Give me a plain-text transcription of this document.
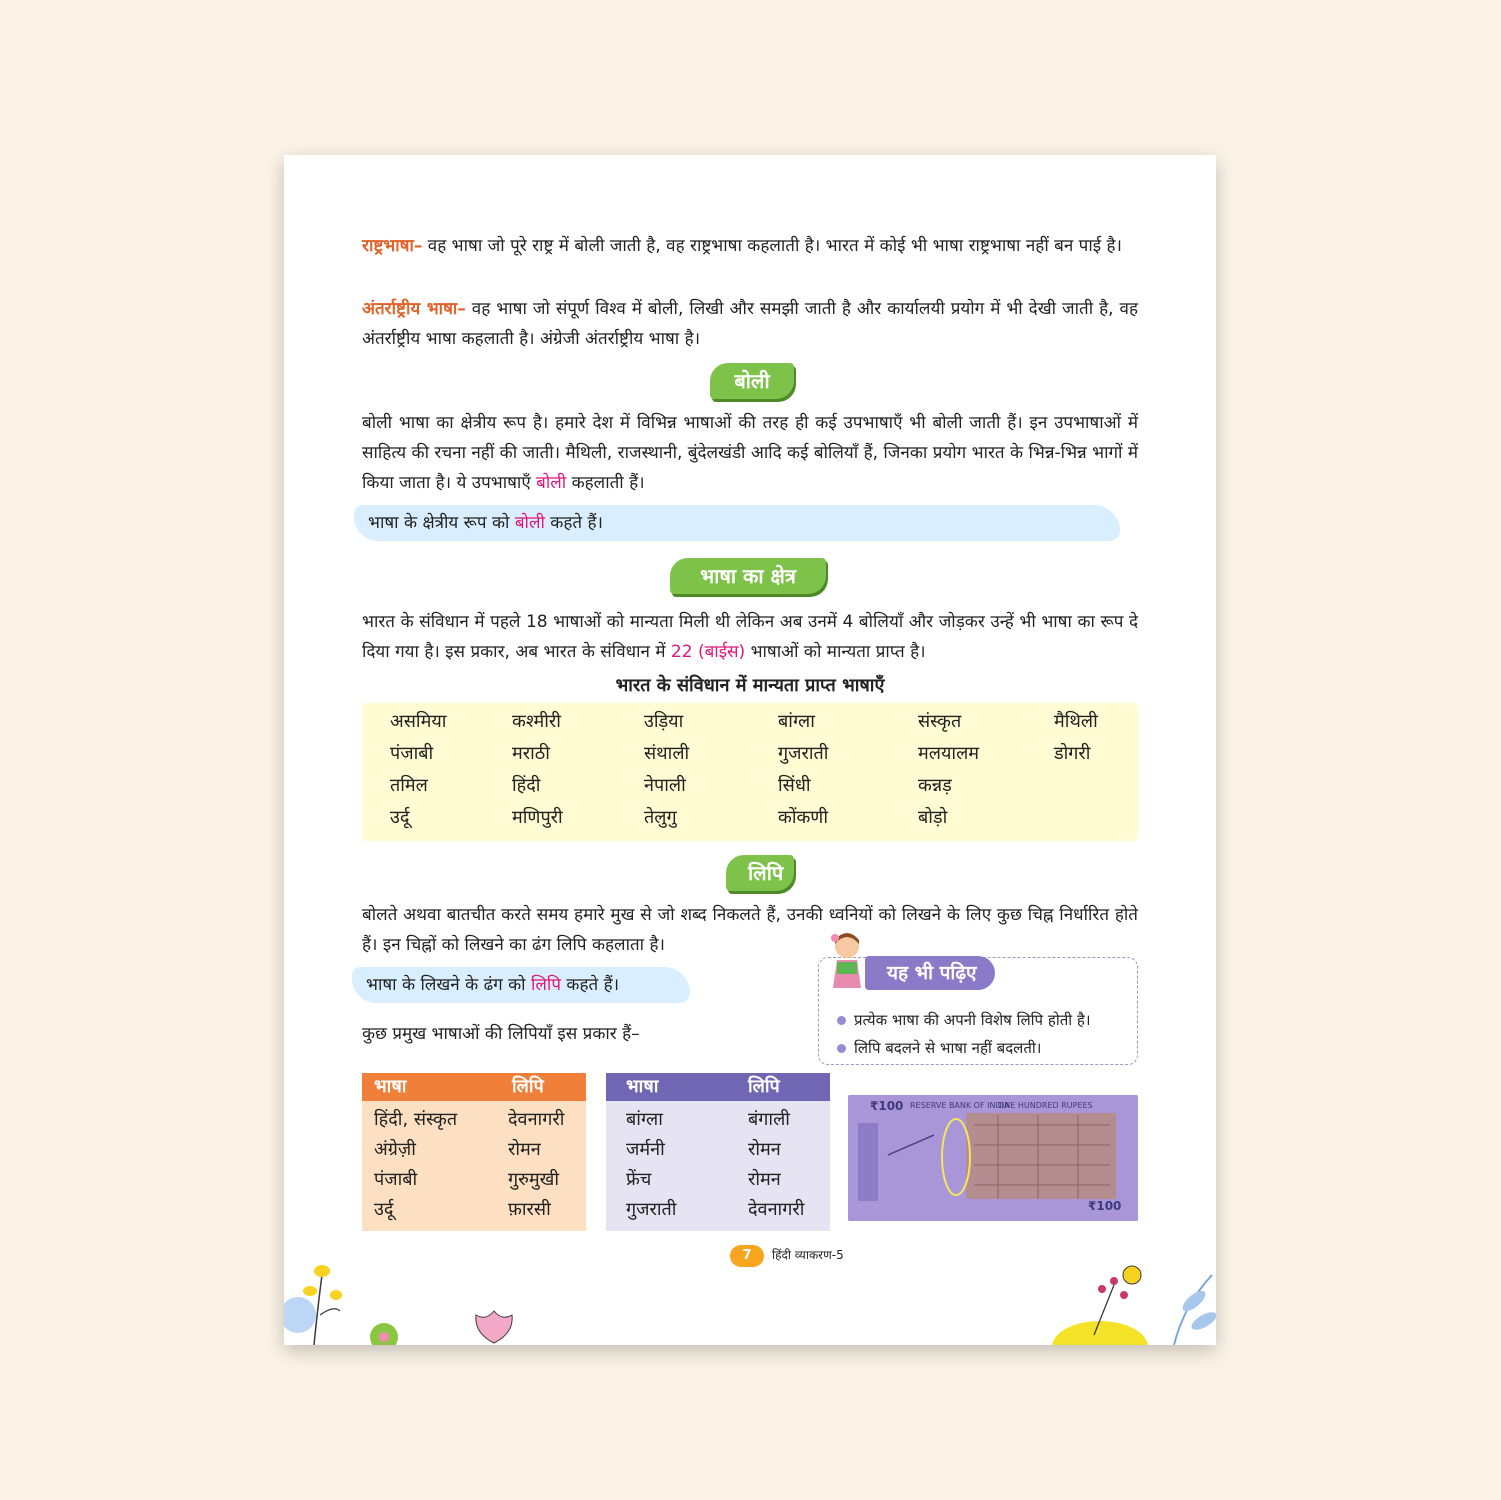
राष्ट्रभाषा– वह भाषा जो पूरे राष्ट्र में बोली जाती है, वह राष्ट्रभाषा कहलाती है। भारत में कोई भी भाषा राष्ट्रभाषा नहीं बन पाई है।

अंतर्राष्ट्रीय भाषा– वह भाषा जो संपूर्ण विश्व में बोली, लिखी और समझी जाती है और कार्यालयी प्रयोग में भी देखी जाती है, वह अंतर्राष्ट्रीय भाषा कहलाती है। अंग्रेजी अंतर्राष्ट्रीय भाषा है।

बोली

बोली भाषा का क्षेत्रीय रूप है। हमारे देश में विभिन्न भाषाओं की तरह ही कई उपभाषाएँ भी बोली जाती हैं। इन उपभाषाओं में साहित्य की रचना नहीं की जाती। मैथिली, राजस्थानी, बुंदेलखंडी आदि कई बोलियाँ हैं, जिनका प्रयोग भारत के भिन्न-भिन्न भागों में किया जाता है। ये उपभाषाएँ बोली कहलाती हैं।

भाषा के क्षेत्रीय रूप को बोली कहते हैं।
भाषा का क्षेत्र

भारत के संविधान में पहले 18 भाषाओं को मान्यता मिली थी लेकिन अब उनमें 4 बोलियाँ और जोड़कर उन्हें भी भाषा का रूप दे दिया गया है। इस प्रकार, अब भारत के संविधान में 22 (बाईस) भाषाओं को मान्यता प्राप्त है।

भारत के संविधान में मान्यता प्राप्त भाषाएँ
असमिया	कश्मीरी	उड़िया	बांग्ला	संस्कृत	मैथिली
पंजाबी	मराठी	संथाली	गुजराती	मलयालम	डोगरी
तमिल	हिंदी	नेपाली	सिंधी	कन्नड़
उर्दू	मणिपुरी	तेलुगु	कोंकणी	बोड़ो
लिपि

बोलते अथवा बातचीत करते समय हमारे मुख से जो शब्द निकलते हैं, उनकी ध्वनियों को लिखने के लिए कुछ चिह्न निर्धारित होते हैं। इन चिह्नों को लिखने का ढंग लिपि कहलाता है।

भाषा के लिखने के ढंग को लिपि कहते हैं।

कुछ प्रमुख भाषाओं की लिपियाँ इस प्रकार हैं–

यह भी पढ़िए
प्रत्येक भाषा की अपनी विशेष लिपि होती है।
लिपि बदलने से भाषा नहीं बदलती।
भाषा	लिपि
हिंदी, संस्कृत	देवनागरी
अंग्रेज़ी	रोमन
पंजाबी	गुरुमुखी
उर्दू	फ़ारसी
भाषा	लिपि
बांग्ला	बंगाली
जर्मनी	रोमन
फ्रेंच	रोमन
गुजराती	देवनागरी
₹100 RESERVE BANK OF INDIA
ONE HUNDRED RUPEES
₹100
7 हिंदी व्याकरण-5
